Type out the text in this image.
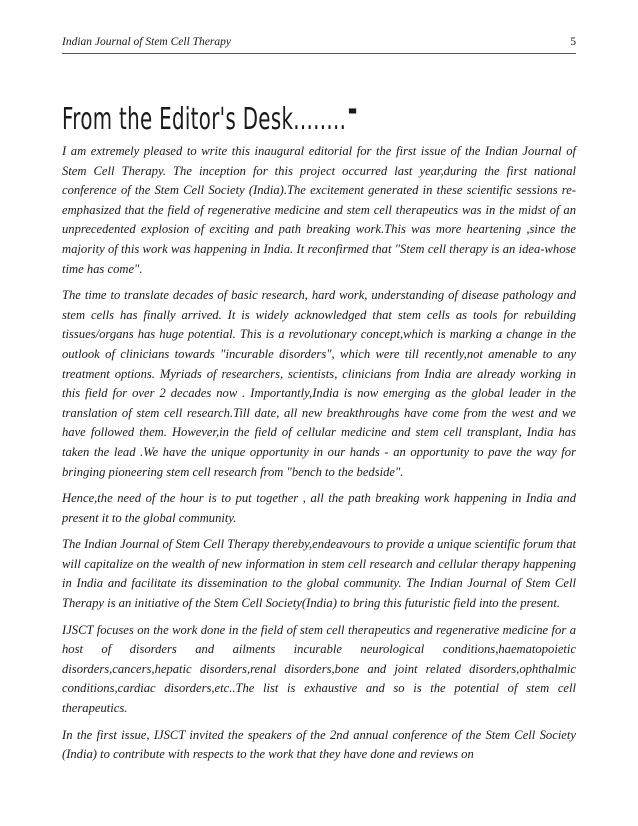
Indian Journal of Stem Cell Therapy	5
From the Editor's Desk........-

I am extremely pleased to write this inaugural editorial for the first issue of the Indian Journal of Stem Cell Therapy. The inception for this project occurred last year,during the first national conference of the Stem Cell Society (India).The excitement generated in these scientific sessions re-emphasized that the field of regenerative medicine and stem cell therapeutics was in the midst of an unprecedented explosion of exciting and path breaking work.This was more heartening ,since the majority of this work was happening in India. It reconfirmed that "Stem cell therapy is an idea-whose time has come".

The time to translate decades of basic research, hard work, understanding of disease pathology and stem cells has finally arrived. It is widely acknowledged that stem cells as tools for rebuilding tissues/organs has huge potential. This is a revolutionary concept,which is marking a change in the outlook of clinicians towards "incurable disorders", which were till recently,not amenable to any treatment options. Myriads of researchers, scientists, clinicians from India are already working in this field for over 2 decades now . Importantly,India is now emerging as the global leader in the translation of stem cell research.Till date, all new breakthroughs have come from the west and we have followed them. However,in the field of cellular medicine and stem cell transplant, India has taken the lead .We have the unique opportunity in our hands - an opportunity to pave the way for bringing pioneering stem cell research from "bench to the bedside".

Hence,the need of the hour is to put together , all the path breaking work happening in India and present it to the global community.

The Indian Journal of Stem Cell Therapy thereby,endeavours to provide a unique scientific forum that will capitalize on the wealth of new information in stem cell research and cellular therapy happening in India and facilitate its dissemination to the global community. The Indian Journal of Stem Cell Therapy is an initiative of the Stem Cell Society(India) to bring this futuristic field into the present.

IJSCT focuses on the work done in the field of stem cell therapeutics and regenerative medicine for a host of disorders and ailments incurable neurological conditions,haematopoietic disorders,cancers,hepatic disorders,renal disorders,bone and joint related disorders,ophthalmic conditions,cardiac disorders,etc..The list is exhaustive and so is the potential of stem cell therapeutics.

In the first issue, IJSCT invited the speakers of the 2nd annual conference of the Stem Cell Society (India) to contribute with respects to the work that they have done and reviews on
